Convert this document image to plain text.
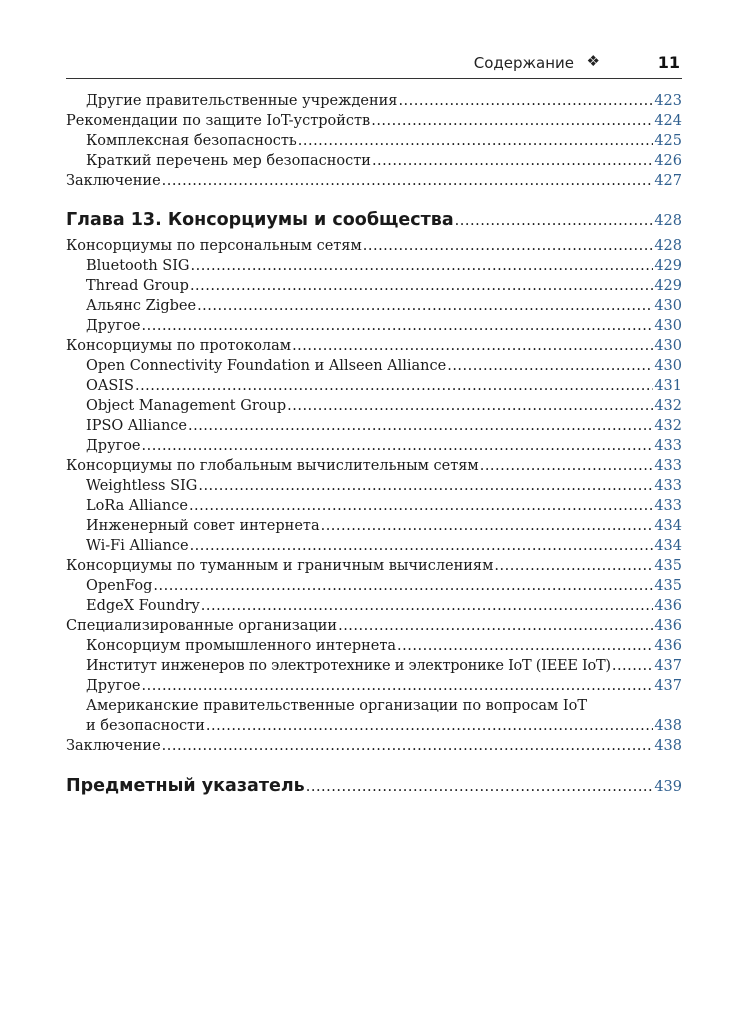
Содержание ❖	11
Другие правительственные учреждения .....	423
Рекомендации по защите IoT-устройств .....	424
Комплексная безопасность .....	425
Краткий перечень мер безопасности .....	426
Заключение .....	427
Глава 13. Консорциумы и сообщества .....	428
Консорциумы по персональным сетям .....	428
Bluetooth SIG .....	429
Thread Group .....	429
Альянс Zigbee .....	430
Другое .....	430
Консорциумы по протоколам .....	430
Open Connectivity Foundation и Allseen Alliance .....	430
OASIS .....	431
Object Management Group .....	432
IPSO Alliance .....	432
Другое .....	433
Консорциумы по глобальным вычислительным сетям .....	433
Weightless SIG .....	433
LoRa Alliance .....	433
Инженерный совет интернета .....	434
Wi-Fi Alliance .....	434
Консорциумы по туманным и граничным вычислениям .....	435
OpenFog .....	435
EdgeX Foundry .....	436
Специализированные организации .....	436
Консорциум промышленного интернета .....	436
Институт инженеров по электротехнике и электронике IoT (IEEE IoT) .....	437
Другое .....	437
Американские правительственные организации по вопросам IoT
и безопасности .....	438
Заключение .....	438
Предметный указатель .....	439
